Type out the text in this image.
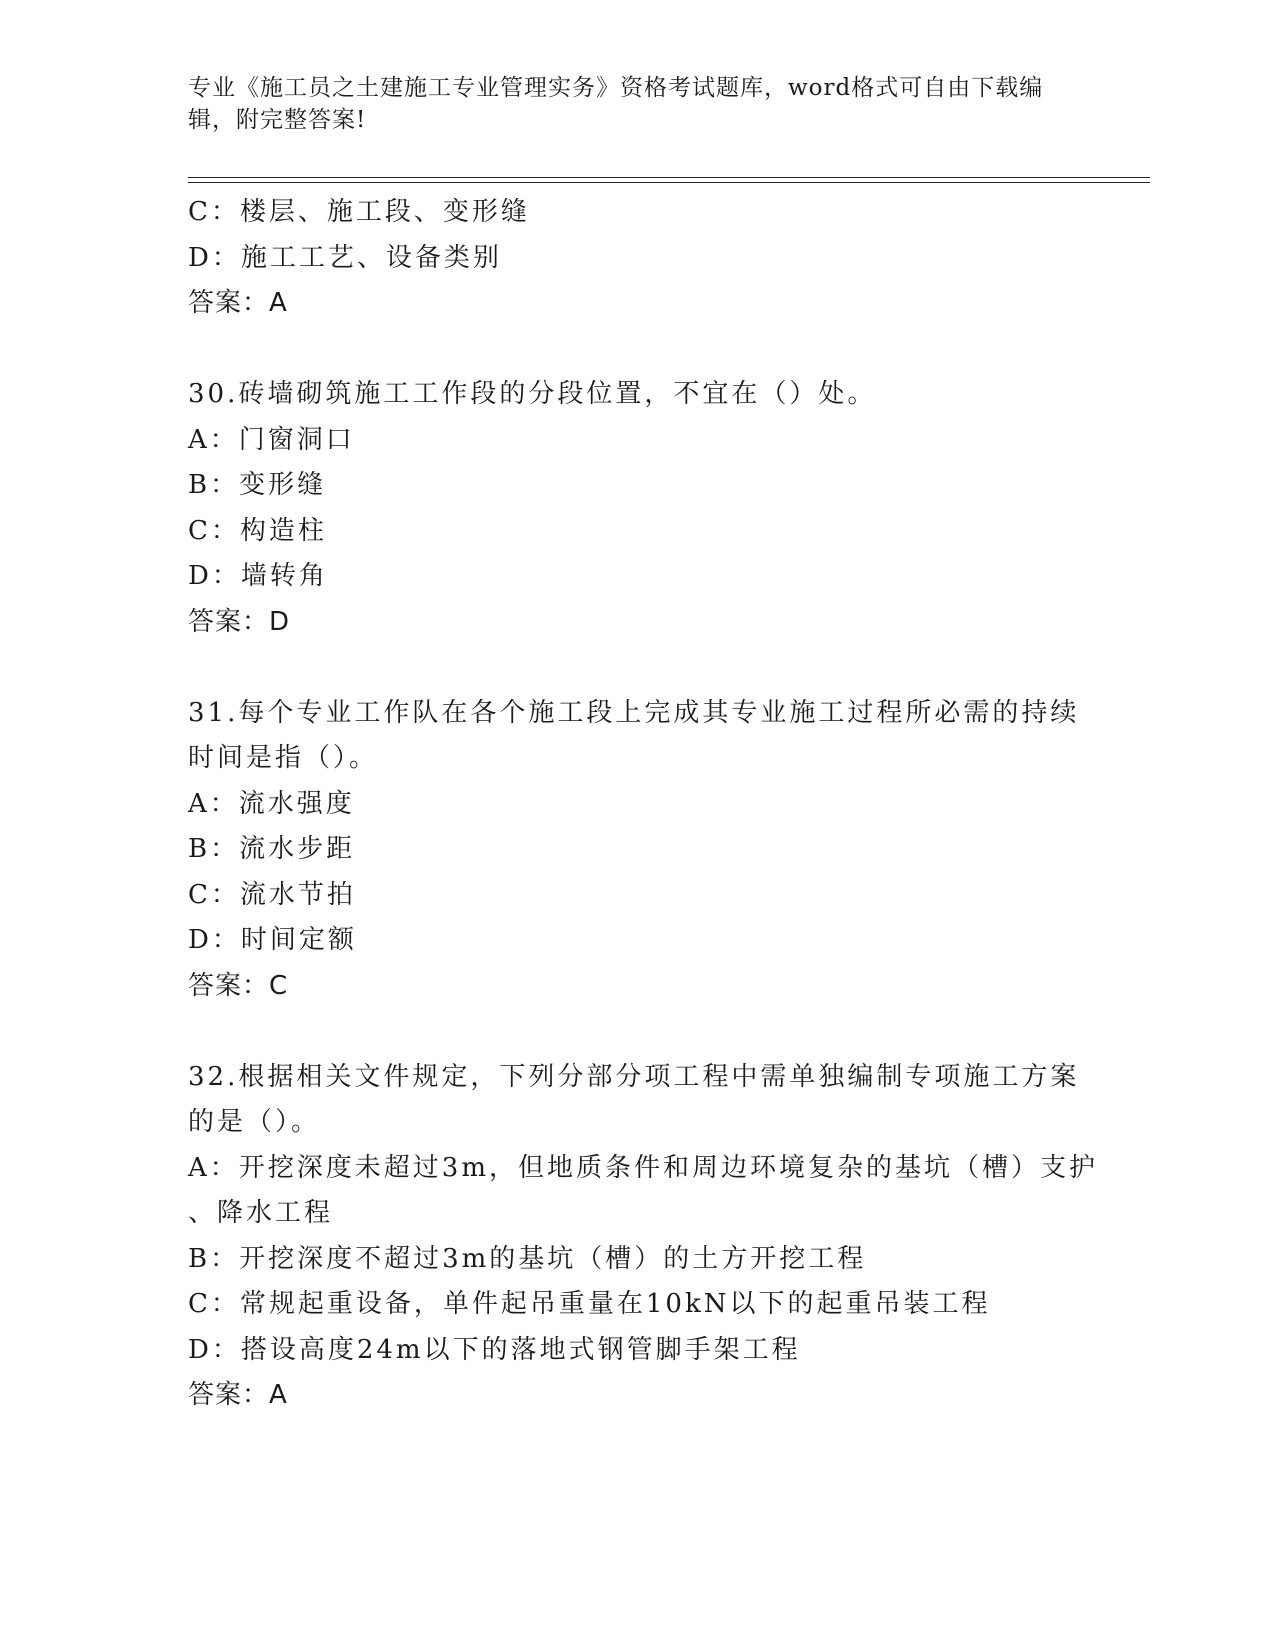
专业《施工员之土建施工专业管理实务》资格考试题库，word格式可自由下载编
辑，附完整答案!
C：楼层、施工段、变形缝
D：施工工艺、设备类别
答案：A
30.砖墙砌筑施工工作段的分段位置，不宜在（）处。
A：门窗洞口
B：变形缝
C：构造柱
D：墙转角
答案：D
31.每个专业工作队在各个施工段上完成其专业施工过程所必需的持续
时间是指（）。
A：流水强度
B：流水步距
C：流水节拍
D：时间定额
答案：C
32.根据相关文件规定，下列分部分项工程中需单独编制专项施工方案
的是（）。
A：开挖深度未超过3m，但地质条件和周边环境复杂的基坑（槽）支护
、降水工程
B：开挖深度不超过3m的基坑（槽）的土方开挖工程
C：常规起重设备，单件起吊重量在10kN以下的起重吊装工程
D：搭设高度24m以下的落地式钢管脚手架工程
答案：A
